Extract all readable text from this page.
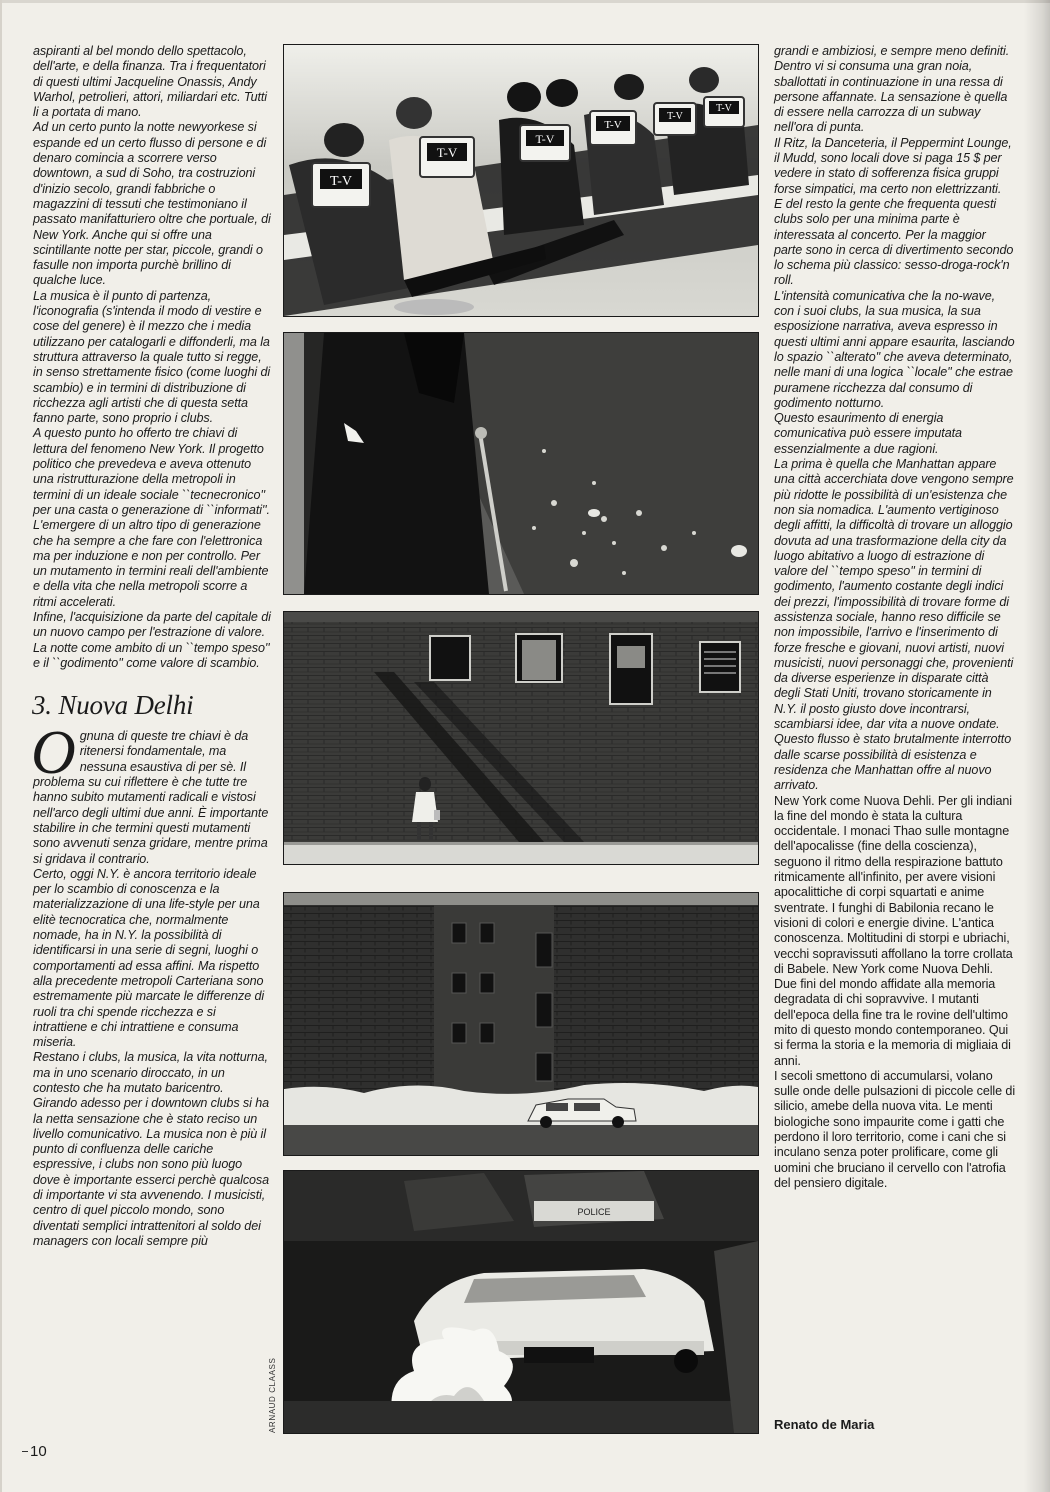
aspiranti al bel mondo dello spettacolo, dell'arte, e della finanza. Tra i frequentatori di questi ultimi Jacqueline Onassis, Andy Warhol, petrolieri, attori, miliardari etc. Tutti li a portata di mano.

Ad un certo punto la notte newyorkese si espande ed un certo flusso di persone e di denaro comincia a scorrere verso downtown, a sud di Soho, tra costruzioni d'inizio secolo, grandi fabbriche o magazzini di tessuti che testimoniano il passato manifatturiero oltre che portuale, di New York. Anche qui si offre una scintillante notte per star, piccole, grandi o fasulle non importa purchè brillino di qualche luce.

La musica è il punto di partenza, l'iconografia (s'intenda il modo di vestire e cose del genere) è il mezzo che i media utilizzano per catalogarli e diffonderli, ma la struttura attraverso la quale tutto si regge, in senso strettamente fisico (come luoghi di scambio) e in termini di distribuzione di ricchezza agli artisti che di questa setta fanno parte, sono proprio i clubs.

A questo punto ho offerto tre chiavi di lettura del fenomeno New York. Il progetto politico che prevedeva e aveva ottenuto una ristrutturazione della metropoli in termini di un ideale sociale ``tecnecronico'' per una casta o generazione di ``informati''.

L'emergere di un altro tipo di generazione che ha sempre a che fare con l'elettronica ma per induzione e non per controllo. Per un mutamento in termini reali dell'ambiente e della vita che nella metropoli scorre a ritmi accelerati.

Infine, l'acquisizione da parte del capitale di un nuovo campo per l'estrazione di valore. La notte come ambito di un ``tempo speso'' e il ``godimento'' come valore di scambio.

3. Nuova Delhi

Ognuna di queste tre chiavi è da ritenersi fondamentale, ma nessuna esaustiva di per sè. Il problema su cui riflettere è che tutte tre hanno subito mutamenti radicali e vistosi nell'arco degli ultimi due anni. È importante stabilire in che termini questi mutamenti sono avvenuti senza gridare, mentre prima si gridava il contrario.

Certo, oggi N.Y. è ancora territorio ideale per lo scambio di conoscenza e la materializzazione di una life-style per una elitè tecnocratica che, normalmente nomade, ha in N.Y. la possibilità di identificarsi in una serie di segni, luoghi o comportamenti ad essa affini. Ma rispetto alla precedente metropoli Carteriana sono estremamente più marcate le differenze di ruoli tra chi spende ricchezza e si intrattiene e chi intrattiene e consuma miseria.

Restano i clubs, la musica, la vita notturna, ma in uno scenario diroccato, in un contesto che ha mutato baricentro. Girando adesso per i downtown clubs si ha la netta sensazione che è stato reciso un livello comunicativo. La musica non è più il punto di confluenza delle cariche espressive, i clubs non sono più luogo dove è importante esserci perchè qualcosa di importante vi sta avvenendo. I musicisti, centro di quel piccolo mondo, sono diventati semplici intrattenitori al soldo dei managers con locali sempre più

T-V
T-V
T-V
T-V
T-V
T-V
POLICE
ARNAUD CLAASS

grandi e ambiziosi, e sempre meno definiti.

Dentro vi si consuma una gran noia, sballottati in continuazione in una ressa di persone affannate. La sensazione è quella di essere nella carrozza di un subway nell'ora di punta.

Il Ritz, la Danceteria, il Peppermint Lounge, il Mudd, sono locali dove si paga 15 $ per vedere in stato di sofferenza fisica gruppi forse simpatici, ma certo non elettrizzanti.

E del resto la gente che frequenta questi clubs solo per una minima parte è interessata al concerto. Per la maggior parte sono in cerca di divertimento secondo lo schema più classico: sesso-droga-rock'n roll.

L'intensità comunicativa che la no-wave, con i suoi clubs, la sua musica, la sua esposizione narrativa, aveva espresso in questi ultimi anni appare esaurita, lasciando lo spazio ``alterato'' che aveva determinato, nelle mani di una logica ``locale'' che estrae puramene ricchezza dal consumo di godimento notturno.

Questo esaurimento di energia comunicativa può essere imputata essenzialmente a due ragioni.

La prima è quella che Manhattan appare una città accerchiata dove vengono sempre più ridotte le possibilità di un'esistenza che non sia nomadica. L'aumento vertiginoso degli affitti, la difficoltà di trovare un alloggio dovuta ad una trasformazione della city da luogo abitativo a luogo di estrazione di valore del ``tempo speso'' in termini di godimento, l'aumento costante degli indici dei prezzi, l'impossibilità di trovare forme di assistenza sociale, hanno reso difficile se non impossibile, l'arrivo e l'inserimento di forze fresche e giovani, nuovi artisti, nuovi musicisti, nuovi personaggi che, provenienti da diverse esperienze in disparate città degli Stati Uniti, trovano storicamente in N.Y. il posto giusto dove incontrarsi, scambiarsi idee, dar vita a nuove ondate.

Questo flusso è stato brutalmente interrotto dalle scarse possibilità di esistenza e residenza che Manhattan offre al nuovo arrivato.

New York come Nuova Dehli. Per gli indiani la fine del mondo è stata la cultura occidentale. I monaci Thao sulle montagne dell'apocalisse (fine della coscienza), seguono il ritmo della respirazione battuto ritmicamente all'infinito, per avere visioni apocalittiche di corpi squartati e anime sventrate. I funghi di Babilonia recano le visioni di colori e energie divine. L'antica conoscenza. Moltitudini di storpi e ubriachi, vecchi sopravissuti affollano la torre crollata di Babele. New York come Nuova Dehli. Due fini del mondo affidate alla memoria degradata di chi sopravvive. I mutanti dell'epoca della fine tra le rovine dell'ultimo mito di questo mondo contemporaneo. Qui si ferma la storia e la memoria di migliaia di anni.

I secoli smettono di accumularsi, volano sulle onde delle pulsazioni di piccole celle di silicio, amebe della nuova vita. Le menti biologiche sono impaurite come i gatti che perdono il loro territorio, come i cani che si inculano senza poter prolificare, come gli uomini che bruciano il cervello con l'atrofia del pensiero digitale.

Renato de Maria
10
